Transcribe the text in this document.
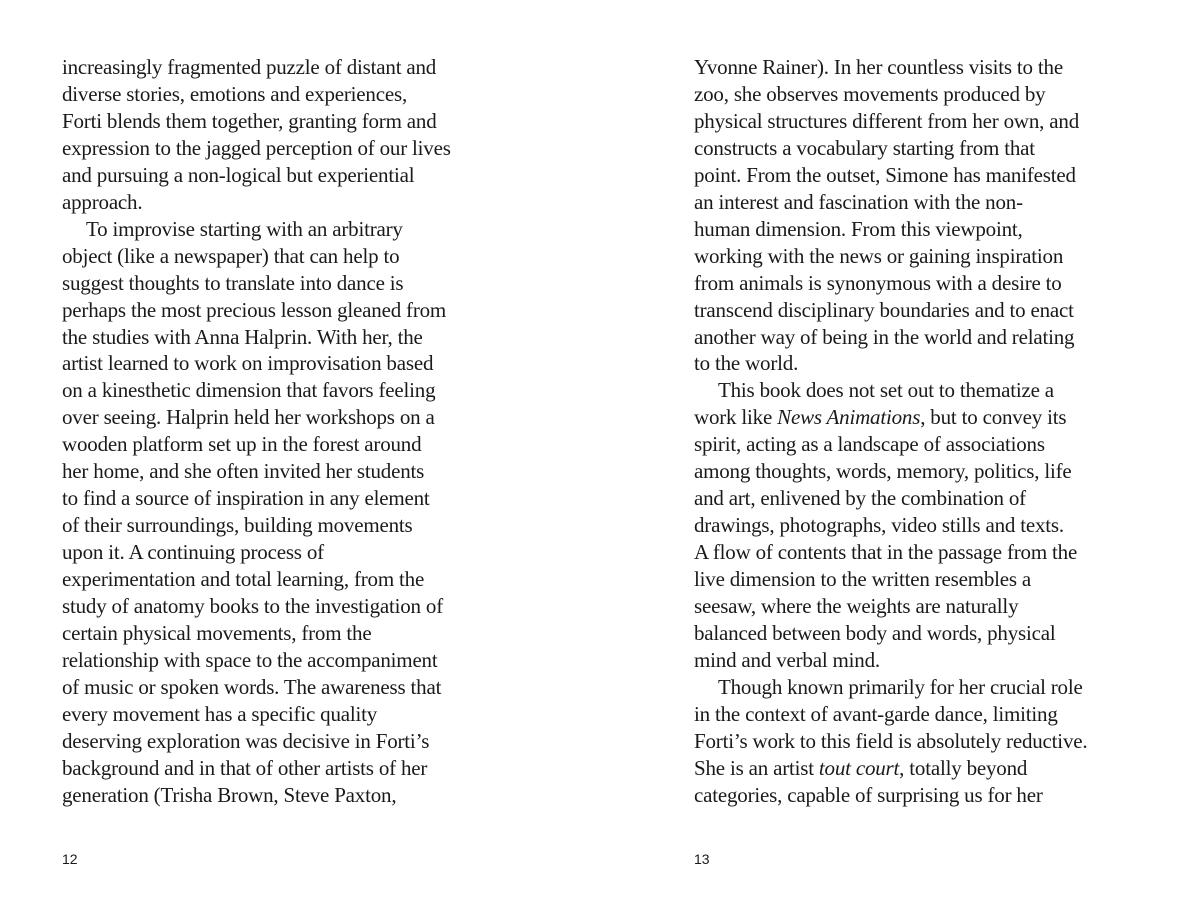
increasingly fragmented puzzle of distant and
diverse stories, emotions and experiences,
Forti blends them together, granting form and
expression to the jagged perception of our lives
and pursuing a non-logical but experiential
approach.
To improvise starting with an arbitrary
object (like a newspaper) that can help to
suggest thoughts to translate into dance is
perhaps the most precious lesson gleaned from
the studies with Anna Halprin. With her, the
artist learned to work on improvisation based
on a kinesthetic dimension that favors feeling
over seeing. Halprin held her workshops on a
wooden platform set up in the forest around
her home, and she often invited her students
to find a source of inspiration in any element
of their surroundings, building movements
upon it. A continuing process of
experimentation and total learning, from the
study of anatomy books to the investigation of
certain physical movements, from the
relationship with space to the accompaniment
of music or spoken words. The awareness that
every movement has a specific quality
deserving exploration was decisive in Forti’s
background and in that of other artists of her
generation (Trisha Brown, Steve Paxton,
Yvonne Rainer). In her countless visits to the
zoo, she observes movements produced by
physical structures different from her own, and
constructs a vocabulary starting from that
point. From the outset, Simone has manifested
an interest and fascination with the non-
human dimension. From this viewpoint,
working with the news or gaining inspiration
from animals is synonymous with a desire to
transcend disciplinary boundaries and to enact
another way of being in the world and relating
to the world.
This book does not set out to thematize a
work like News Animations, but to convey its
spirit, acting as a landscape of associations
among thoughts, words, memory, politics, life
and art, enlivened by the combination of
drawings, photographs, video stills and texts.
A flow of contents that in the passage from the
live dimension to the written resembles a
seesaw, where the weights are naturally
balanced between body and words, physical
mind and verbal mind.
Though known primarily for her crucial role
in the context of avant-garde dance, limiting
Forti’s work to this field is absolutely reductive.
She is an artist tout court, totally beyond
categories, capable of surprising us for her
12	13
